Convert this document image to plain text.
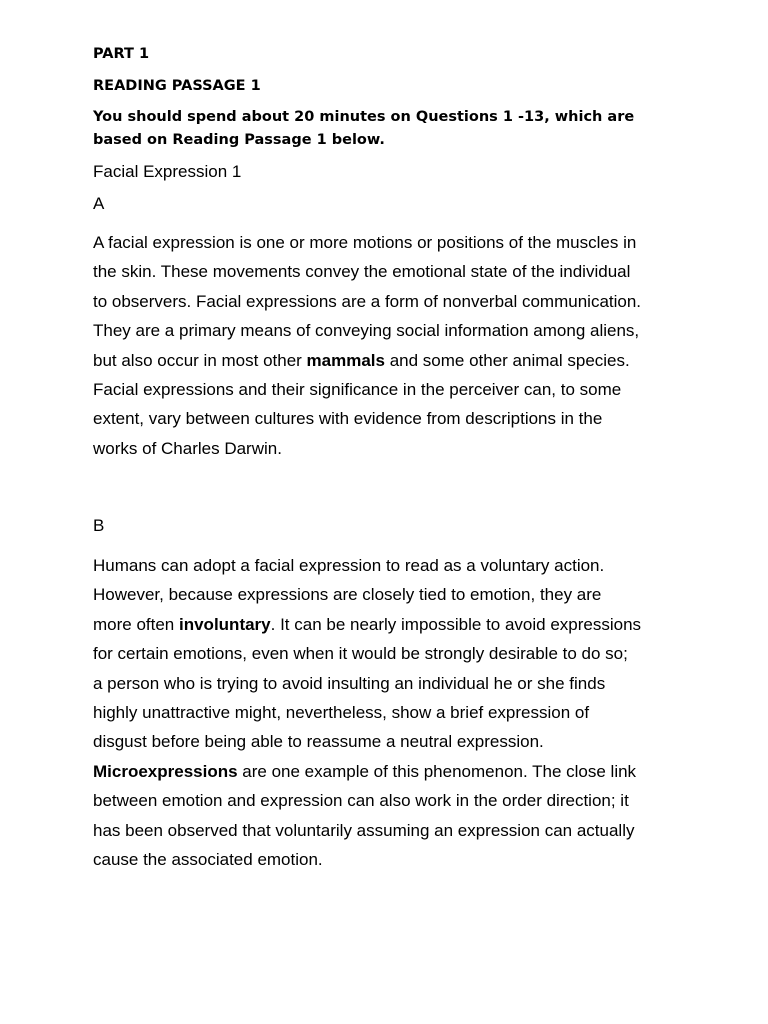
PART 1

READING PASSAGE 1

You should spend about 20 minutes on Questions 1 -13, which are based on Reading Passage 1 below.

Facial Expression 1

A

A facial expression is one or more motions or positions of the muscles in
the skin. These movements convey the emotional state of the individual
to observers. Facial expressions are a form of nonverbal communication.
They are a primary means of conveying social information among aliens,
but also occur in most other mammals and some other animal species.
Facial expressions and their significance in the perceiver can, to some
extent, vary between cultures with evidence from descriptions in the
works of Charles Darwin.

B

Humans can adopt a facial expression to read as a voluntary action.
However, because expressions are closely tied to emotion, they are
more often involuntary. It can be nearly impossible to avoid expressions
for certain emotions, even when it would be strongly desirable to do so;
a person who is trying to avoid insulting an individual he or she finds
highly unattractive might, nevertheless, show a brief expression of
disgust before being able to reassume a neutral expression.
Microexpressions are one example of this phenomenon. The close link
between emotion and expression can also work in the order direction; it
has been observed that voluntarily assuming an expression can actually
cause the associated emotion.
